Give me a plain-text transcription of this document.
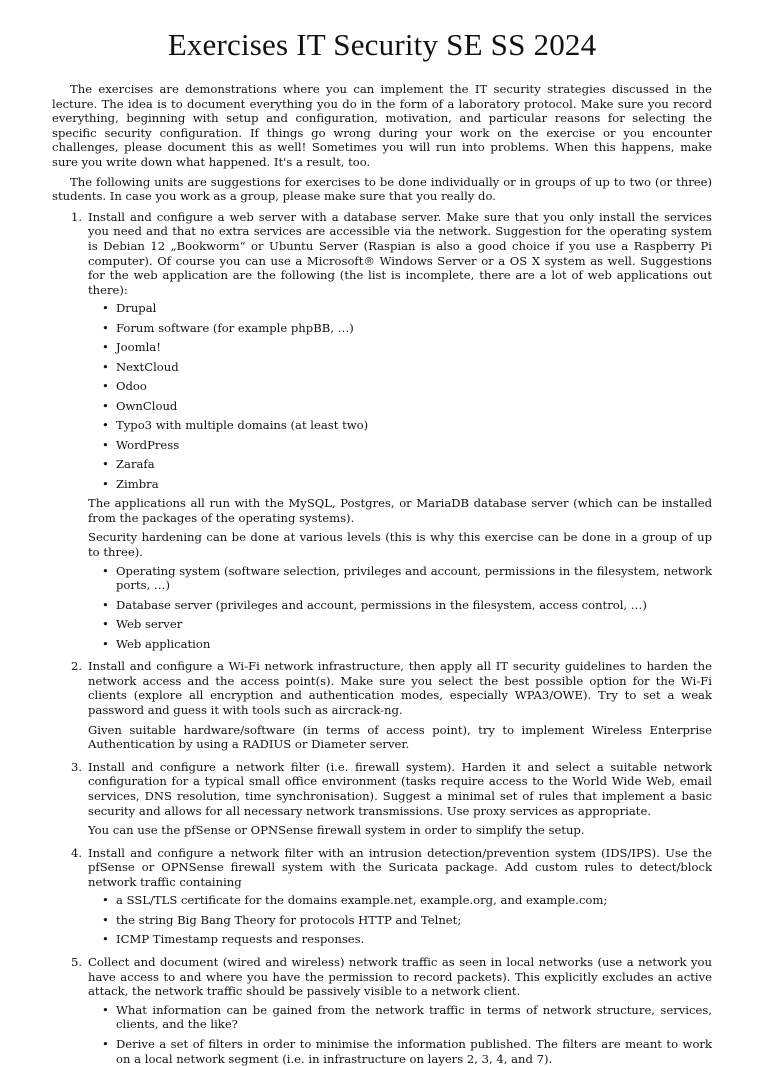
Exercises IT Security SE SS 2024

The exercises are demonstrations where you can implement the IT security strategies discussed in the lecture. The idea is to document everything you do in the form of a laboratory protocol. Make sure you record everything, beginning with setup and configuration, motivation, and particular reasons for selecting the specific security configuration. If things go wrong during your work on the exercise or you encounter challenges, please document this as well! Sometimes you will run into problems. When this happens, make sure you write down what happened. It's a result, too.

The following units are suggestions for exercises to be done individually or in groups of up to two (or three) students. In case you work as a group, please make sure that you really do.

1. Install and configure a web server with a database server. Make sure that you only install the services you need and that no extra services are accessible via the network. Suggestion for the operating system is Debian 12 „Bookworm“ or Ubuntu Server (Raspian is also a good choice if you use a Raspberry Pi computer). Of course you can use a Microsoft® Windows Server or a OS X system as well. Suggestions for the web application are the following (the list is incomplete, there are a lot of web applications out there):

• Drupal
• Forum software (for example phpBB, …)
• Joomla!
• NextCloud
• Odoo
• OwnCloud
• Typo3 with multiple domains (at least two)
• WordPress
• Zarafa
• Zimbra

The applications all run with the MySQL, Postgres, or MariaDB database server (which can be installed from the packages of the operating systems).

Security hardening can be done at various levels (this is why this exercise can be done in a group of up to three).

• Operating system (software selection, privileges and account, permissions in the filesystem, network ports, …)
• Database server (privileges and account, permissions in the filesystem, access control, …)
• Web server
• Web application
2. Install and configure a Wi-Fi network infrastructure, then apply all IT security guidelines to harden the network access and the access point(s). Make sure you select the best possible option for the Wi-Fi clients (explore all encryption and authentication modes, especially WPA3/OWE). Try to set a weak password and guess it with tools such as aircrack-ng.

Given suitable hardware/software (in terms of access point), try to implement Wireless Enterprise Authentication by using a RADIUS or Diameter server.

3. Install and configure a network filter (i.e. firewall system). Harden it and select a suitable network configuration for a typical small office environment (tasks require access to the World Wide Web, email services, DNS resolution, time synchronisation). Suggest a minimal set of rules that implement a basic security and allows for all necessary network transmissions. Use proxy services as appropriate.

You can use the pfSense or OPNSense firewall system in order to simplify the setup.

4. Install and configure a network filter with an intrusion detection/prevention system (IDS/IPS). Use the pfSense or OPNSense firewall system with the Suricata package. Add custom rules to detect/block network traffic containing

• a SSL/TLS certificate for the domains example.net, example.org, and example.com;
• the string Big Bang Theory for protocols HTTP and Telnet;
• ICMP Timestamp requests and responses.
5. Collect and document (wired and wireless) network traffic as seen in local networks (use a network you have access to and where you have the permission to record packets). This explicitly excludes an active attack, the network traffic should be passively visible to a network client.

• What information can be gained from the network traffic in terms of network structure, services, clients, and the like?
• Derive a set of filters in order to minimise the information published. The filters are meant to work on a local network segment (i.e. in infrastructure on layers 2, 3, 4, and 7).
